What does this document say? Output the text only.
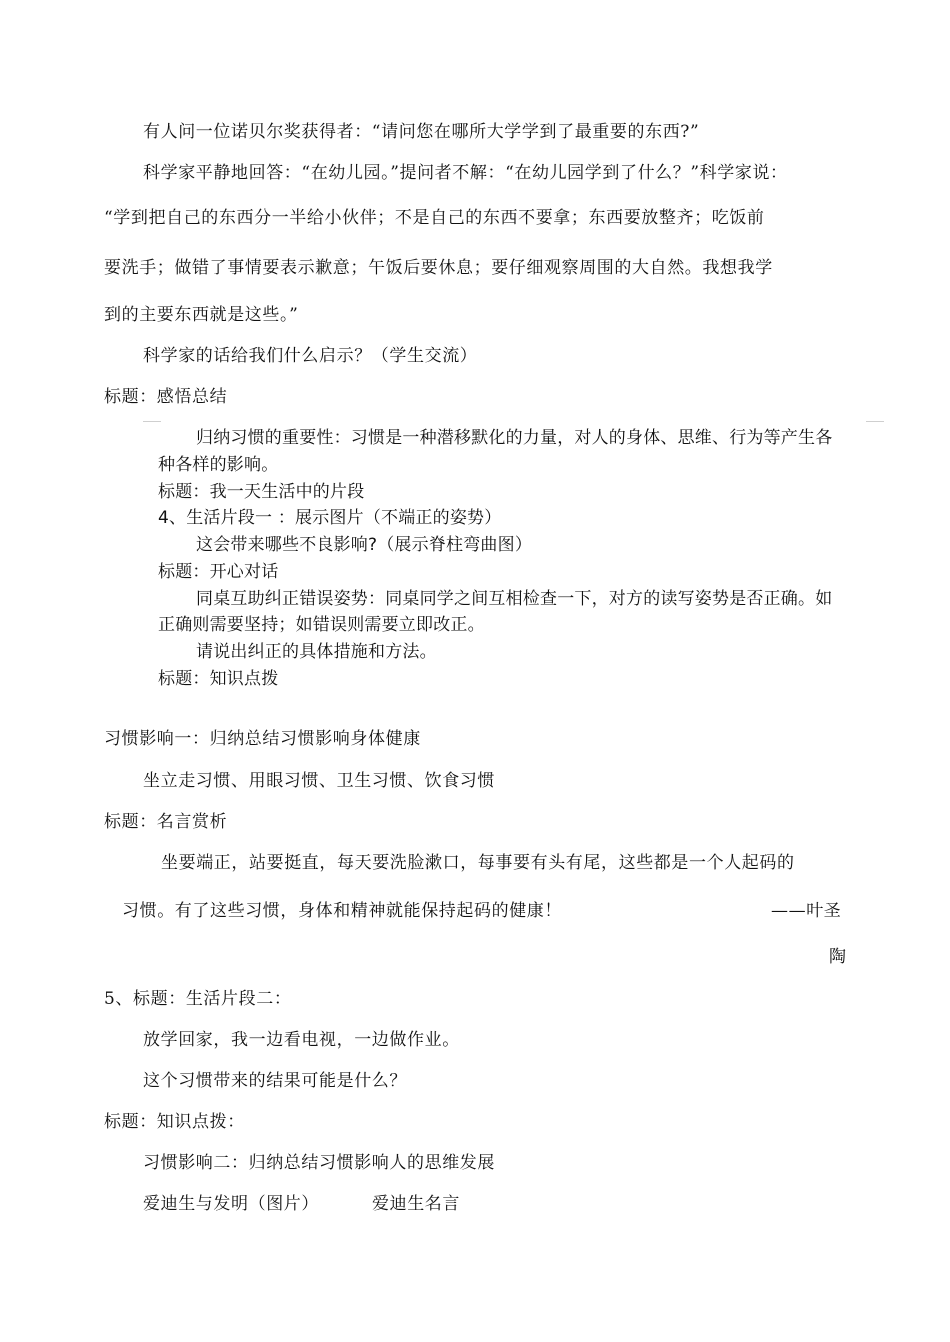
有人问一位诺贝尔奖获得者：“请问您在哪所大学学到了最重要的东西?”
科学家平静地回答：“在幼儿园。”提问者不解：“在幼儿园学到了什么？”科学家说：
“学到把自己的东西分一半给小伙伴；不是自己的东西不要拿；东西要放整齐；吃饭前
要洗手；做错了事情要表示歉意；午饭后要休息；要仔细观察周围的大自然。我想我学
到的主要东西就是这些。”
科学家的话给我们什么启示？（学生交流）
标题：感悟总结
归纳习惯的重要性：习惯是一种潜移默化的力量，对人的身体、思维、行为等产生各
种各样的影响。
标题：我一天生活中的片段
4、生活片段一 ：展示图片（不端正的姿势）
这会带来哪些不良影响?（展示脊柱弯曲图）
标题：开心对话
同桌互助纠正错误姿势：同桌同学之间互相检查一下，对方的读写姿势是否正确。如
正确则需要坚持；如错误则需要立即改正。
请说出纠正的具体措施和方法。
标题：知识点拨
习惯影响一：归纳总结习惯影响身体健康
坐立走习惯、用眼习惯、卫生习惯、饮食习惯
标题：名言赏析
坐要端正，站要挺直，每天要洗脸漱口，每事要有头有尾，这些都是一个人起码的
习惯。有了这些习惯，身体和精神就能保持起码的健康！	——叶圣
陶
5、标题：生活片段二：
放学回家，我一边看电视，一边做作业。
这个习惯带来的结果可能是什么？
标题：知识点拨：
习惯影响二：归纳总结习惯影响人的思维发展
爱迪生与发明（图片）	爱迪生名言
